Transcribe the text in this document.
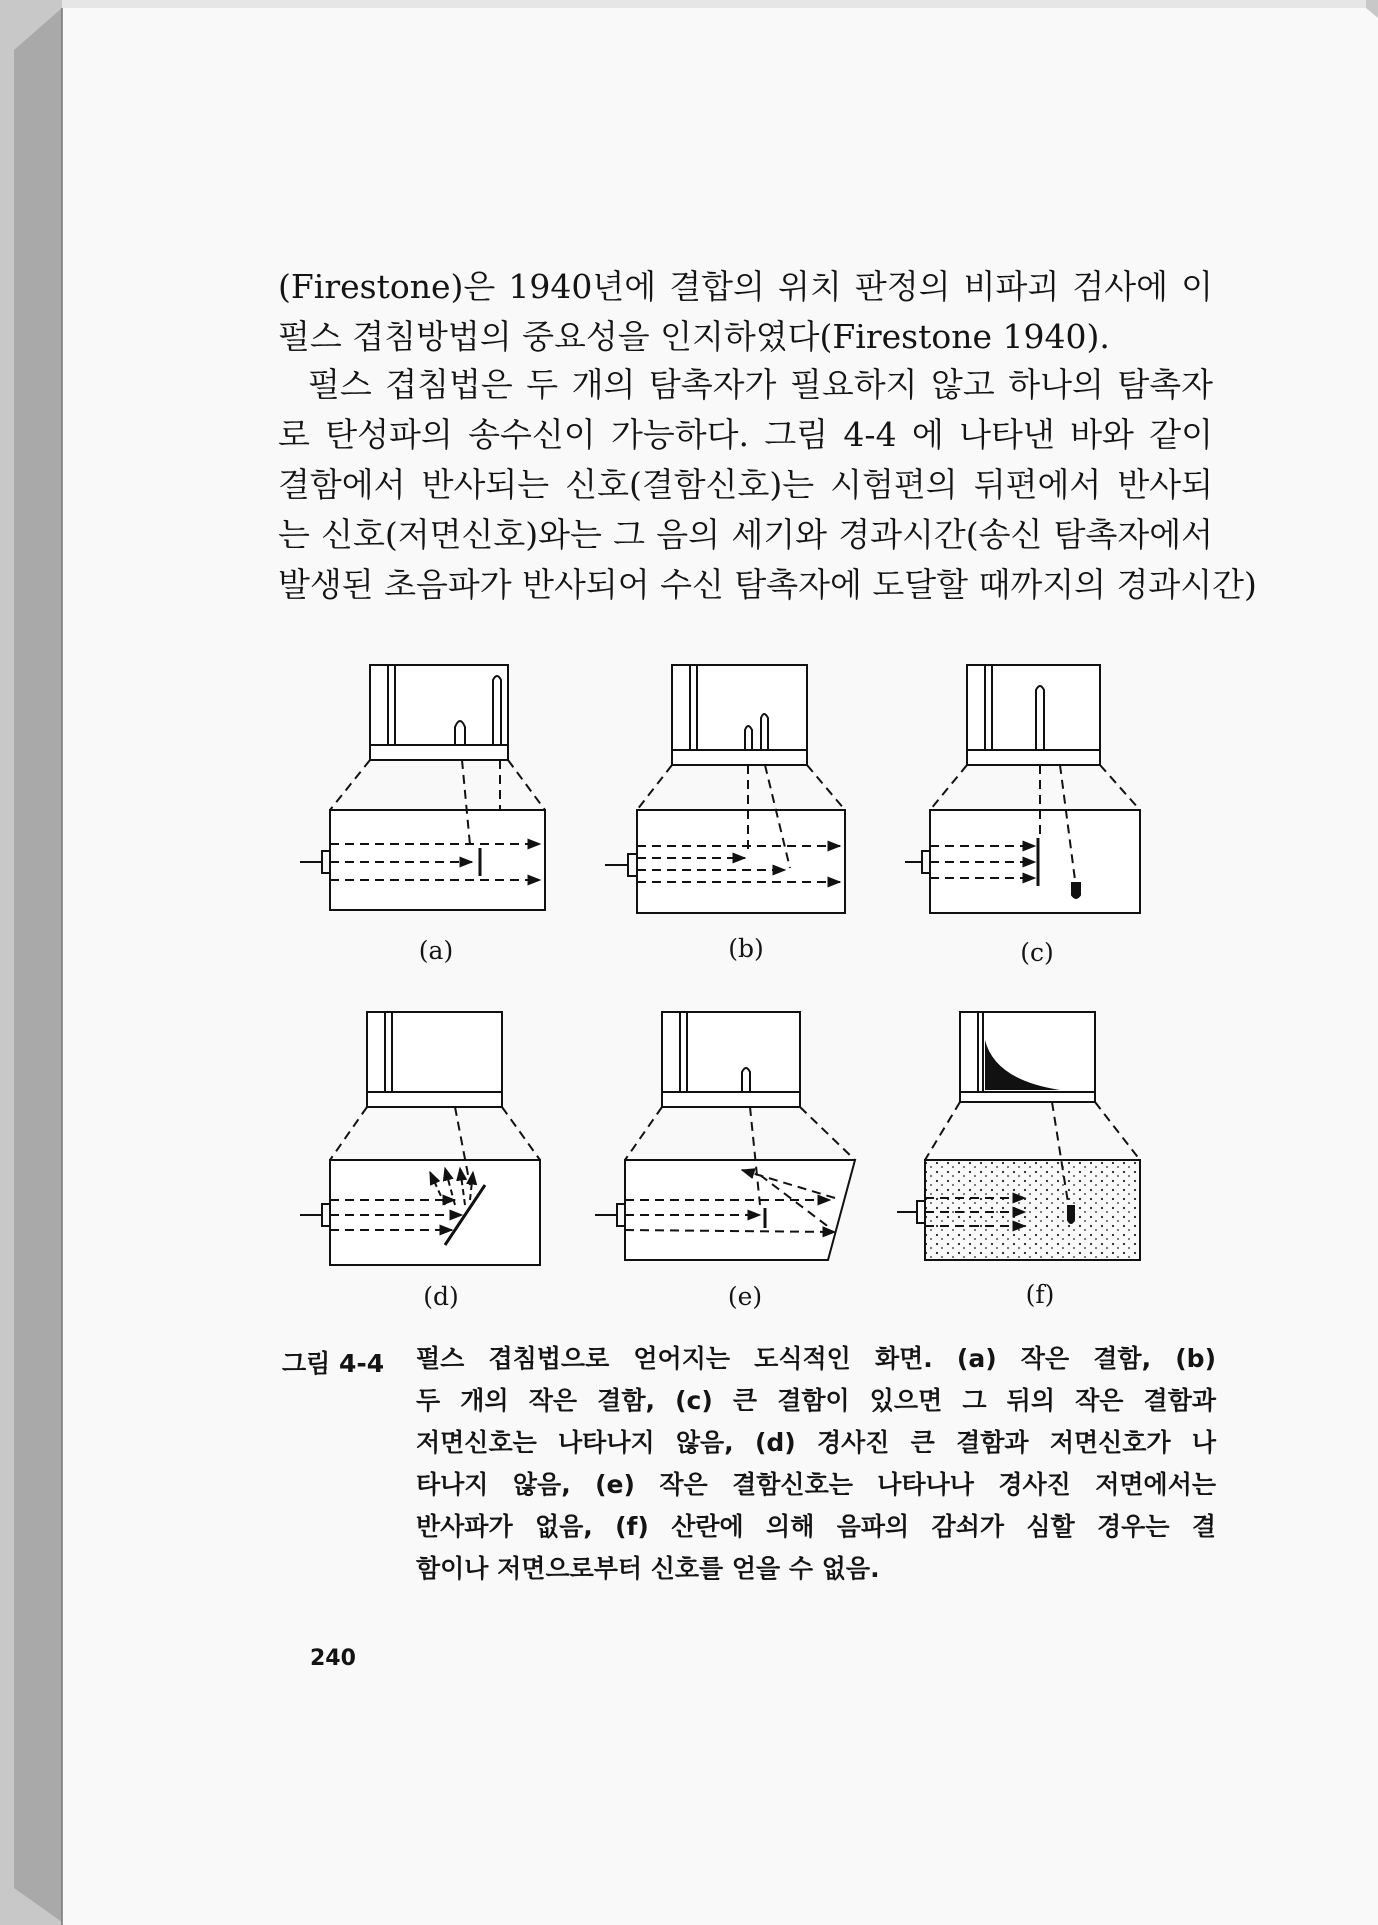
(Firestone)은 1940년에 결합의 위치 판정의 비파괴 검사에 이
펄스 겹침방법의 중요성을 인지하였다(Firestone 1940).
펄스 겹침법은 두 개의 탐촉자가 필요하지 않고 하나의 탐촉자
로 탄성파의 송수신이 가능하다. 그림 4-4 에 나타낸 바와 같이
결함에서 반사되는 신호(결함신호)는 시험편의 뒤편에서 반사되
는 신호(저면신호)와는 그 음의 세기와 경과시간(송신 탐촉자에서
발생된 초음파가 반사되어 수신 탐촉자에 도달할 때까지의 경과시간)
(a)	(b)	(c)
(d)	(e)	(f)
그림 4-4 펄스 겹침법으로 얻어지는 도식적인 화면. (a) 작은 결함, (b)
두 개의 작은 결함, (c) 큰 결함이 있으면 그 뒤의 작은 결함과
저면신호는 나타나지 않음, (d) 경사진 큰 결함과 저면신호가 나
타나지 않음, (e) 작은 결함신호는 나타나나 경사진 저면에서는
반사파가 없음, (f) 산란에 의해 음파의 감쇠가 심할 경우는 결
함이나 저면으로부터 신호를 얻을 수 없음.
240
